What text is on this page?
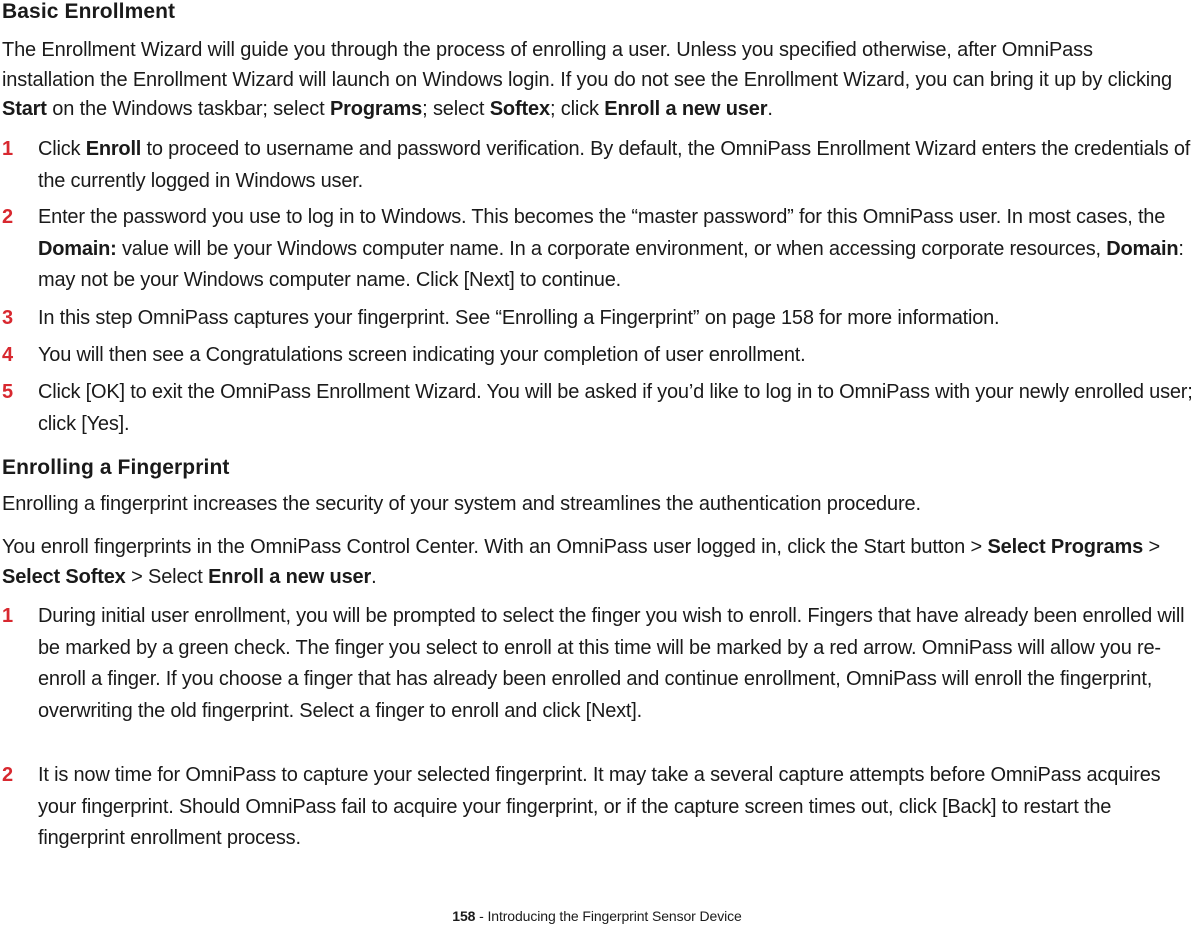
Basic Enrollment
The Enrollment Wizard will guide you through the process of enrolling a user. Unless you specified otherwise, after OmniPass installation the Enrollment Wizard will launch on Windows login. If you do not see the Enrollment Wizard, you can bring it up by clicking Start on the Windows taskbar; select Programs; select Softex; click Enroll a new user.
1	Click Enroll to proceed to username and password verification. By default, the OmniPass Enrollment Wizard enters the credentials of the currently logged in Windows user.
2	Enter the password you use to log in to Windows. This becomes the “master password” for this OmniPass user. In most cases, the Domain: value will be your Windows computer name. In a corporate environment, or when accessing corporate resources, Domain: may not be your Windows computer name. Click [Next] to continue.
3	In this step OmniPass captures your fingerprint. See “Enrolling a Fingerprint” on page 158 for more information.
4	You will then see a Congratulations screen indicating your completion of user enrollment.
5	Click [OK] to exit the OmniPass Enrollment Wizard. You will be asked if you’d like to log in to OmniPass with your newly enrolled user; click [Yes].
Enrolling a Fingerprint
Enrolling a fingerprint increases the security of your system and streamlines the authentication procedure.
You enroll fingerprints in the OmniPass Control Center. With an OmniPass user logged in, click the Start button > Select Programs > Select Softex > Select Enroll a new user.
1	During initial user enrollment, you will be prompted to select the finger you wish to enroll. Fingers that have already been enrolled will be marked by a green check. The finger you select to enroll at this time will be marked by a red arrow. OmniPass will allow you re-enroll a finger. If you choose a finger that has already been enrolled and continue enrollment, OmniPass will enroll the fingerprint, overwriting the old fingerprint. Select a finger to enroll and click [Next].
2	It is now time for OmniPass to capture your selected fingerprint. It may take a several capture attempts before OmniPass acquires your fingerprint. Should OmniPass fail to acquire your fingerprint, or if the capture screen times out, click [Back] to restart the fingerprint enrollment process.
158 - Introducing the Fingerprint Sensor Device
